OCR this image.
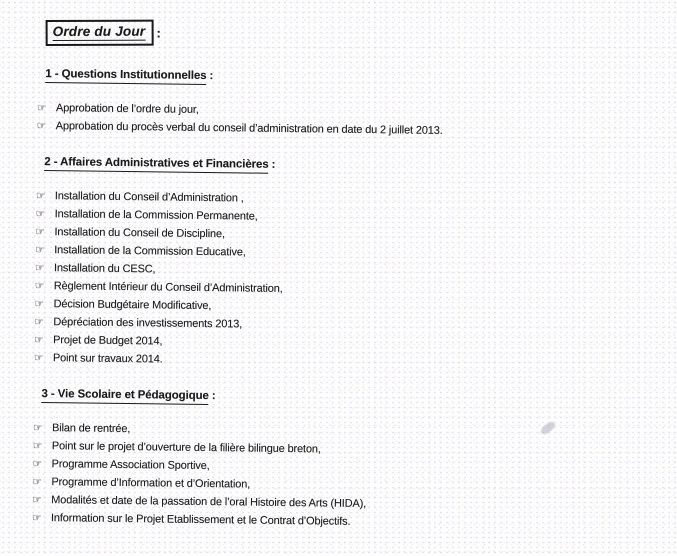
Ordre du Jour :
1 - Questions Institutionnelles :
☞ Approbation de l’ordre du jour,
☞ Approbation du procès verbal du conseil d’administration en date du 2 juillet 2013.
2 - Affaires Administratives et Financières :
☞ Installation du Conseil d’Administration ,
☞ Installation de la Commission Permanente,
☞ Installation du Conseil de Discipline,
☞ Installation de la Commission Educative,
☞ Installation du CESC,
☞ Règlement Intérieur du Conseil d’Administration,
☞ Décision Budgétaire Modificative,
☞ Dépréciation des investissements 2013,
☞ Projet de Budget 2014,
☞ Point sur travaux 2014.
3 - Vie Scolaire et Pédagogique :
☞ Bilan de rentrée,
☞ Point sur le projet d’ouverture de la filière bilingue breton,
☞ Programme Association Sportive,
☞ Programme d’Information et d’Orientation,
☞ Modalités et date de la passation de l’oral Histoire des Arts (HIDA),
☞ Information sur le Projet Etablissement et le Contrat d’Objectifs.
